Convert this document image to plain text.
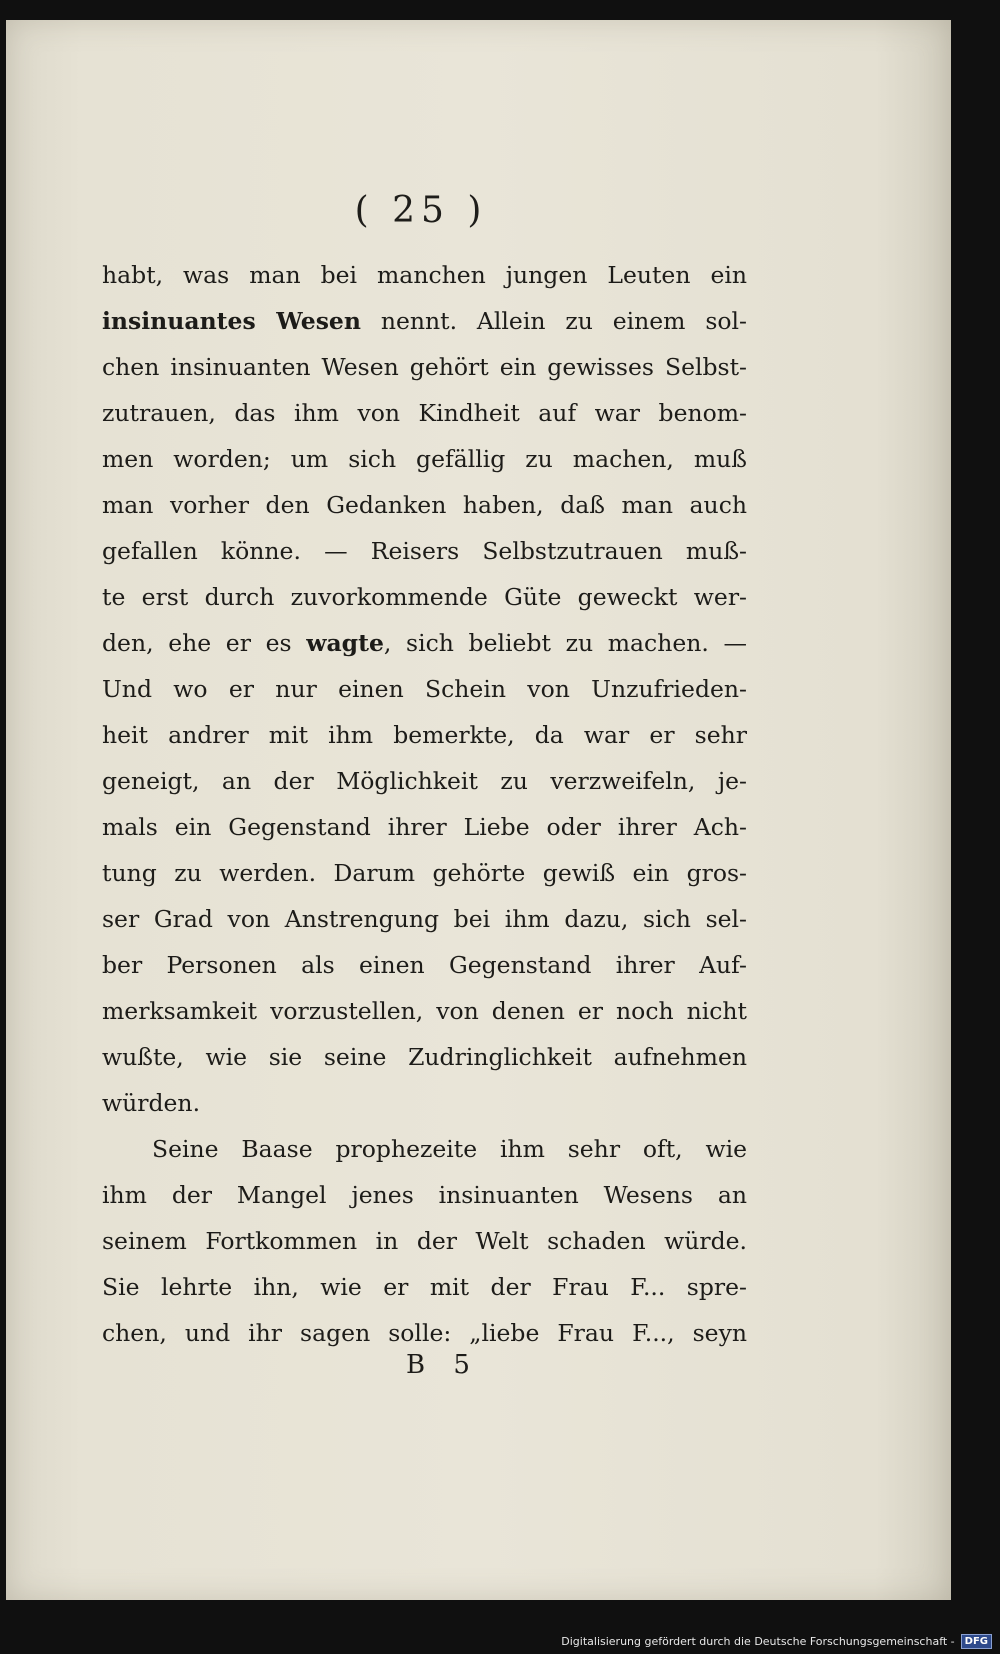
( 25 )
habt, was man bei manchen jungen Leuten ein
insinuantes Wesen nennt. Allein zu einem sol-
chen insinuanten Wesen gehört ein gewisses Selbst-
zutrauen, das ihm von Kindheit auf war benom-
men worden; um sich gefällig zu machen, muß
man vorher den Gedanken haben, daß man auch
gefallen könne. — Reisers Selbstzutrauen muß-
te erst durch zuvorkommende Güte geweckt wer-
den, ehe er es wagte, sich beliebt zu machen. —
Und wo er nur einen Schein von Unzufrieden-
heit andrer mit ihm bemerkte, da war er sehr
geneigt, an der Möglichkeit zu verzweifeln, je-
mals ein Gegenstand ihrer Liebe oder ihrer Ach-
tung zu werden. Darum gehörte gewiß ein gros-
ser Grad von Anstrengung bei ihm dazu, sich sel-
ber Personen als einen Gegenstand ihrer Auf-
merksamkeit vorzustellen, von denen er noch nicht
wußte, wie sie seine Zudringlichkeit aufnehmen
würden.
Seine Baase prophezeite ihm sehr oft, wie
ihm der Mangel jenes insinuanten Wesens an
seinem Fortkommen in der Welt schaden würde.
Sie lehrte ihn, wie er mit der Frau F... spre-
chen, und ihr sagen solle: „liebe Frau F..., seyn
B 5
Digitalisierung gefördert durch die Deutsche Forschungsgemeinschaft -	DFG
